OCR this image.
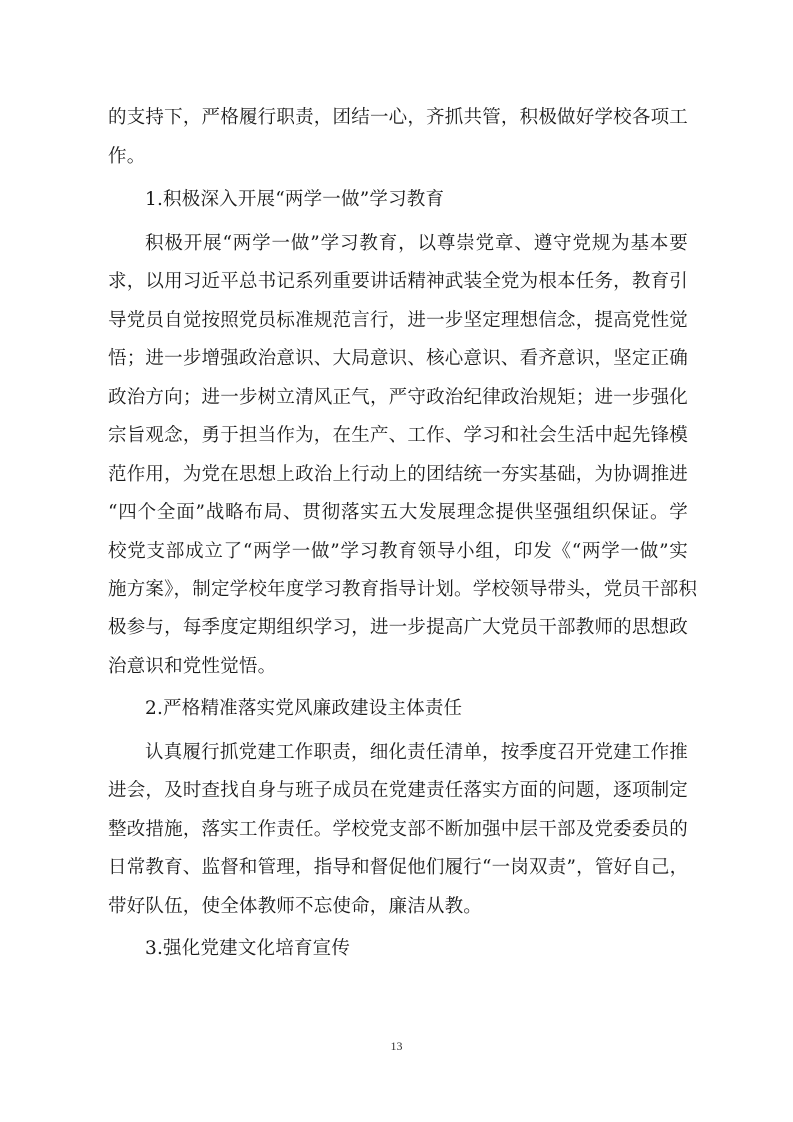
的支持下，严格履行职责，团结一心，齐抓共管，积极做好学校各项工
作。
1.积极深入开展“两学一做”学习教育
积极开展“两学一做”学习教育，以尊崇党章、遵守党规为基本要
求，以用习近平总书记系列重要讲话精神武装全党为根本任务，教育引
导党员自觉按照党员标准规范言行，进一步坚定理想信念，提高党性觉
悟；进一步增强政治意识、大局意识、核心意识、看齐意识，坚定正确
政治方向；进一步树立清风正气，严守政治纪律政治规矩；进一步强化
宗旨观念，勇于担当作为，在生产、工作、学习和社会生活中起先锋模
范作用，为党在思想上政治上行动上的团结统一夯实基础，为协调推进
“四个全面”战略布局、贯彻落实五大发展理念提供坚强组织保证。学
校党支部成立了“两学一做”学习教育领导小组，印发《“两学一做”实
施方案》，制定学校年度学习教育指导计划。学校领导带头，党员干部积
极参与，每季度定期组织学习，进一步提高广大党员干部教师的思想政
治意识和党性觉悟。
2.严格精准落实党风廉政建设主体责任
认真履行抓党建工作职责，细化责任清单，按季度召开党建工作推
进会，及时查找自身与班子成员在党建责任落实方面的问题，逐项制定
整改措施，落实工作责任。学校党支部不断加强中层干部及党委委员的
日常教育、监督和管理，指导和督促他们履行“一岗双责”，管好自己，
带好队伍，使全体教师不忘使命，廉洁从教。
3.强化党建文化培育宣传
13
